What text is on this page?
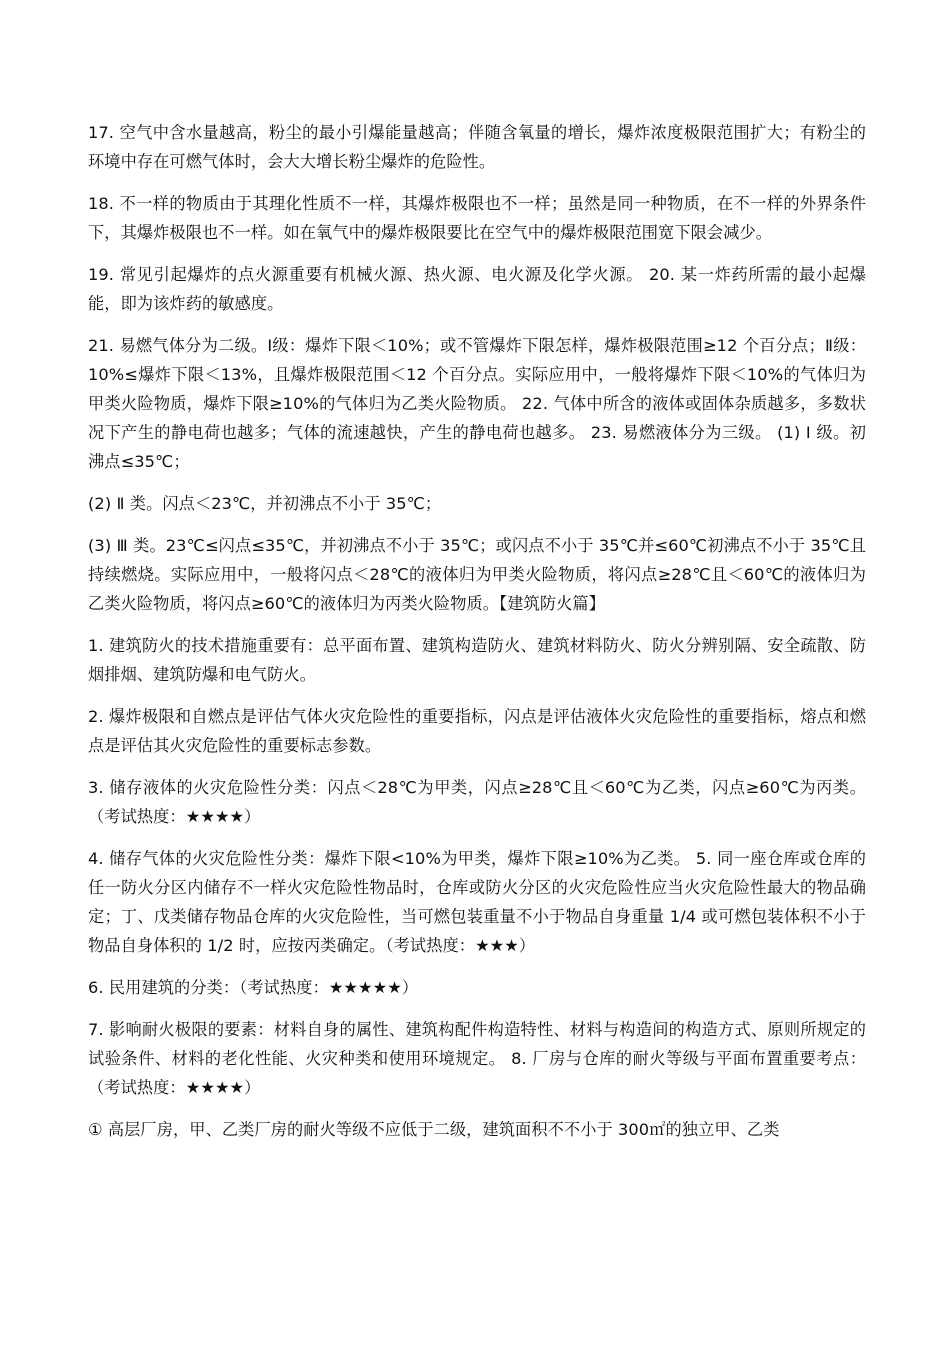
17. 空气中含水量越高，粉尘的最小引爆能量越高；伴随含氧量的增长，爆炸浓度极限范围扩大；有粉尘的环境中存在可燃气体时，会大大增长粉尘爆炸的危险性。

18. 不一样的物质由于其理化性质不一样，其爆炸极限也不一样；虽然是同一种物质，在不一样的外界条件下，其爆炸极限也不一样。如在氧气中的爆炸极限要比在空气中的爆炸极限范围宽下限会减少。

19. 常见引起爆炸的点火源重要有机械火源、热火源、电火源及化学火源。 20. 某一炸药所需的最小起爆能，即为该炸药的敏感度。

21. 易燃气体分为二级。Ⅰ级：爆炸下限＜10%；或不管爆炸下限怎样，爆炸极限范围≥12 个百分点；Ⅱ级：10%≤爆炸下限＜13%，且爆炸极限范围＜12 个百分点。实际应用中，一般将爆炸下限＜10%的气体归为甲类火险物质，爆炸下限≥10%的气体归为乙类火险物质。 22. 气体中所含的液体或固体杂质越多，多数状况下产生的静电荷也越多；气体的流速越快，产生的静电荷也越多。 23. 易燃液体分为三级。 (1) Ⅰ 级。初沸点≤35℃；

(2) Ⅱ 类。闪点＜23℃，并初沸点不小于 35℃；

(3) Ⅲ 类。23℃≤闪点≤35℃，并初沸点不小于 35℃；或闪点不小于 35℃并≤60℃初沸点不小于 35℃且持续燃烧。实际应用中，一般将闪点＜28℃的液体归为甲类火险物质，将闪点≥28℃且＜60℃的液体归为乙类火险物质，将闪点≥60℃的液体归为丙类火险物质。【建筑防火篇】

1. 建筑防火的技术措施重要有：总平面布置、建筑构造防火、建筑材料防火、防火分辨别隔、安全疏散、防烟排烟、建筑防爆和电气防火。

2. 爆炸极限和自燃点是评估气体火灾危险性的重要指标，闪点是评估液体火灾危险性的重要指标，熔点和燃点是评估其火灾危险性的重要标志参数。

3. 储存液体的火灾危险性分类：闪点＜28℃为甲类，闪点≥28℃且＜60℃为乙类，闪点≥60℃为丙类。（考试热度：★★★★）

4. 储存气体的火灾危险性分类：爆炸下限<10%为甲类，爆炸下限≥10%为乙类。 5. 同一座仓库或仓库的任一防火分区内储存不一样火灾危险性物品时，仓库或防火分区的火灾危险性应当火灾危险性最大的物品确定；丁、戊类储存物品仓库的火灾危险性，当可燃包装重量不小于物品自身重量 1/4 或可燃包装体积不小于物品自身体积的 1/2 时，应按丙类确定。（考试热度：★★★）

6. 民用建筑的分类：（考试热度：★★★★★）

7. 影响耐火极限的要素：材料自身的属性、建筑构配件构造特性、材料与构造间的构造方式、原则所规定的试验条件、材料的老化性能、火灾种类和使用环境规定。 8. 厂房与仓库的耐火等级与平面布置重要考点：（考试热度：★★★★）

① 高层厂房，甲、乙类厂房的耐火等级不应低于二级，建筑面积不不小于 300㎡的独立甲、乙类
